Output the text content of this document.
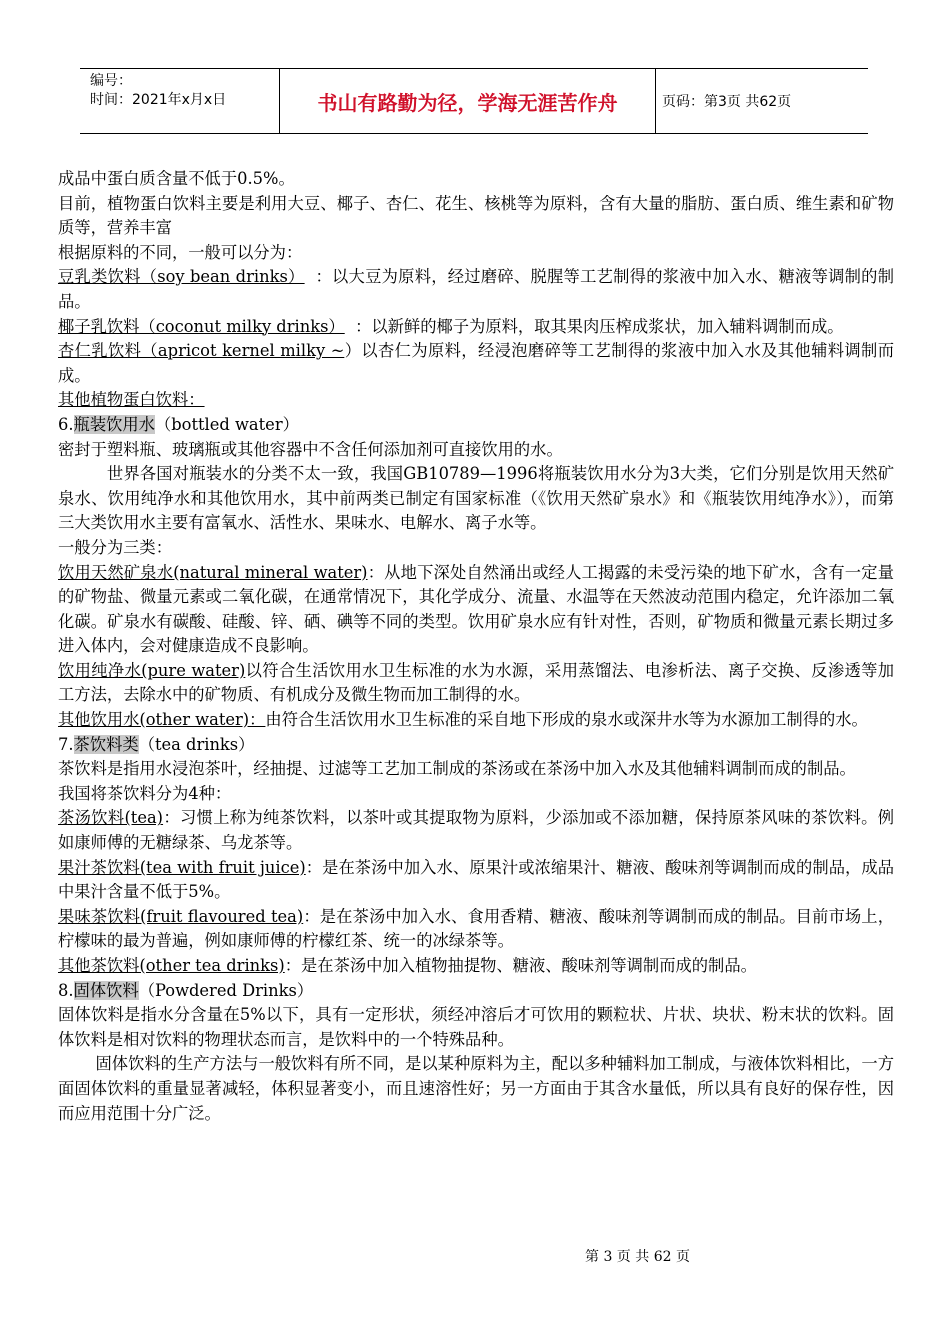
编号：
时间：2021年x月x日	书山有路勤为径，学海无涯苦作舟	页码：第3页 共62页

成品中蛋白质含量不低于0.5%。

目前，植物蛋白饮料主要是利用大豆、椰子、杏仁、花生、核桃等为原料，含有大量的脂肪、蛋白质、维生素和矿物质等，营养丰富

根据原料的不同，一般可以分为：

豆乳类饮料（soy bean drinks） ：以大豆为原料，经过磨碎、脱腥等工艺制得的浆液中加入水、糖液等调制的制品。

椰子乳饮料（coconut milky drinks） ：以新鲜的椰子为原料，取其果肉压榨成浆状，加入辅料调制而成。

杏仁乳饮料（apricot kernel milky ~）以杏仁为原料，经浸泡磨碎等工艺制得的浆液中加入水及其他辅料调制而成。

其他植物蛋白饮料：

6.瓶装饮用水（bottled water）

密封于塑料瓶、玻璃瓶或其他容器中不含任何添加剂可直接饮用的水。

世界各国对瓶装水的分类不太一致，我国GB10789—1996将瓶装饮用水分为3大类，它们分别是饮用天然矿泉水、饮用纯净水和其他饮用水，其中前两类已制定有国家标准（《饮用天然矿泉水》和《瓶装饮用纯净水》），而第三大类饮用水主要有富氧水、活性水、果味水、电解水、离子水等。

一般分为三类：

饮用天然矿泉水(natural mineral water)：从地下深处自然涌出或经人工揭露的未受污染的地下矿水，含有一定量的矿物盐、微量元素或二氧化碳，在通常情况下，其化学成分、流量、水温等在天然波动范围内稳定，允许添加二氧化碳。矿泉水有碳酸、硅酸、锌、硒、碘等不同的类型。饮用矿泉水应有针对性，否则，矿物质和微量元素长期过多进入体内，会对健康造成不良影响。

饮用纯净水(pure water)以符合生活饮用水卫生标准的水为水源，采用蒸馏法、电渗析法、离子交换、反渗透等加工方法，去除水中的矿物质、有机成分及微生物而加工制得的水。

其他饮用水(other water)：由符合生活饮用水卫生标准的采自地下形成的泉水或深井水等为水源加工制得的水。

7.茶饮料类（tea drinks）

茶饮料是指用水浸泡茶叶，经抽提、过滤等工艺加工制成的茶汤或在茶汤中加入水及其他辅料调制而成的制品。

我国将茶饮料分为4种：

茶汤饮料(tea)：习惯上称为纯茶饮料，以茶叶或其提取物为原料，少添加或不添加糖，保持原茶风味的茶饮料。例如康师傅的无糖绿茶、乌龙茶等。

果汁茶饮料(tea with fruit juice)：是在茶汤中加入水、原果汁或浓缩果汁、糖液、酸味剂等调制而成的制品，成品中果汁含量不低于5%。

果味茶饮料(fruit flavoured tea)：是在茶汤中加入水、食用香精、糖液、酸味剂等调制而成的制品。目前市场上，柠檬味的最为普遍，例如康师傅的柠檬红茶、统一的冰绿茶等。

其他茶饮料(other tea drinks)：是在茶汤中加入植物抽提物、糖液、酸味剂等调制而成的制品。

8.固体饮料（Powdered Drinks）

固体饮料是指水分含量在5%以下，具有一定形状，须经冲溶后才可饮用的颗粒状、片状、块状、粉末状的饮料。固体饮料是相对饮料的物理状态而言，是饮料中的一个特殊品种。

固体饮料的生产方法与一般饮料有所不同，是以某种原料为主，配以多种辅料加工制成，与液体饮料相比，一方面固体饮料的重量显著减轻，体积显著变小，而且速溶性好；另一方面由于其含水量低，所以具有良好的保存性，因而应用范围十分广泛。

第 3 页 共 62 页
